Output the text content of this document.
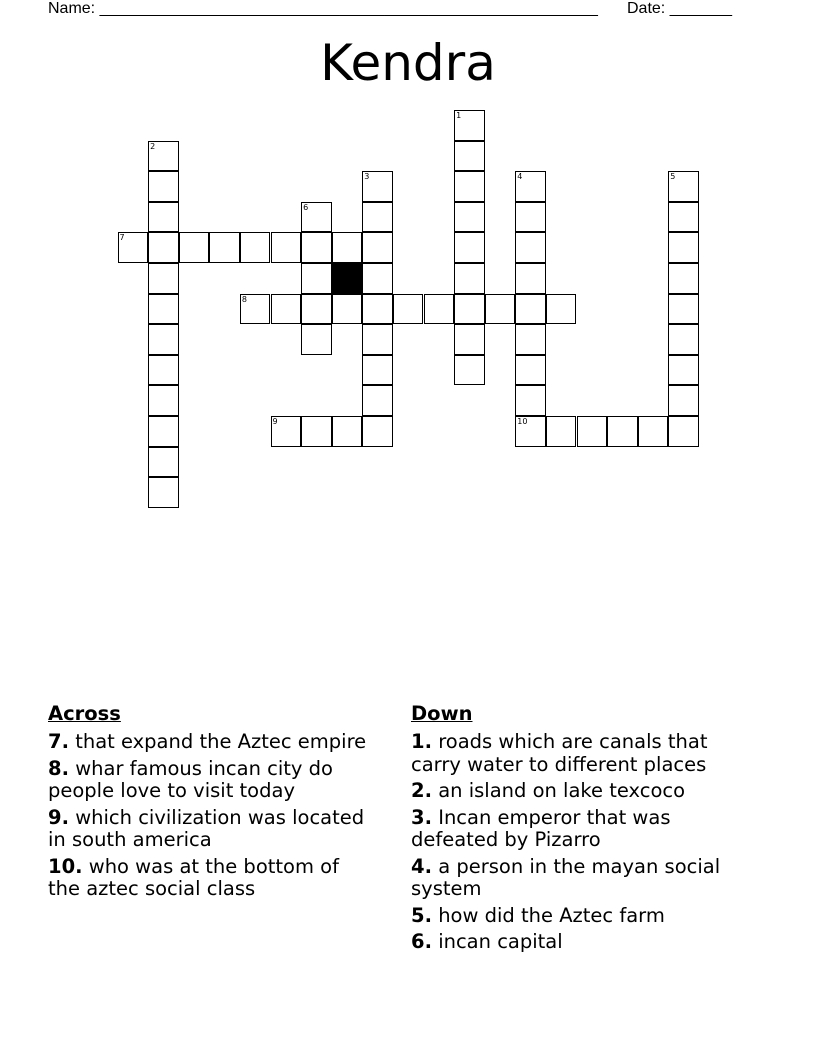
Name: ________________________________________________________ Date: _______
Kendra
1
2
3	4
10
5
6
7
8
9
Across
7. that expand the Aztec empire
8. whar famous incan city do people love to visit today
9. which civilization was located in south america
10. who was at the bottom of the aztec social class
Down
1. roads which are canals that carry water to different places
2. an island on lake texcoco
3. Incan emperor that was defeated by Pizarro
4. a person in the mayan social system
5. how did the Aztec farm
6. incan capital
